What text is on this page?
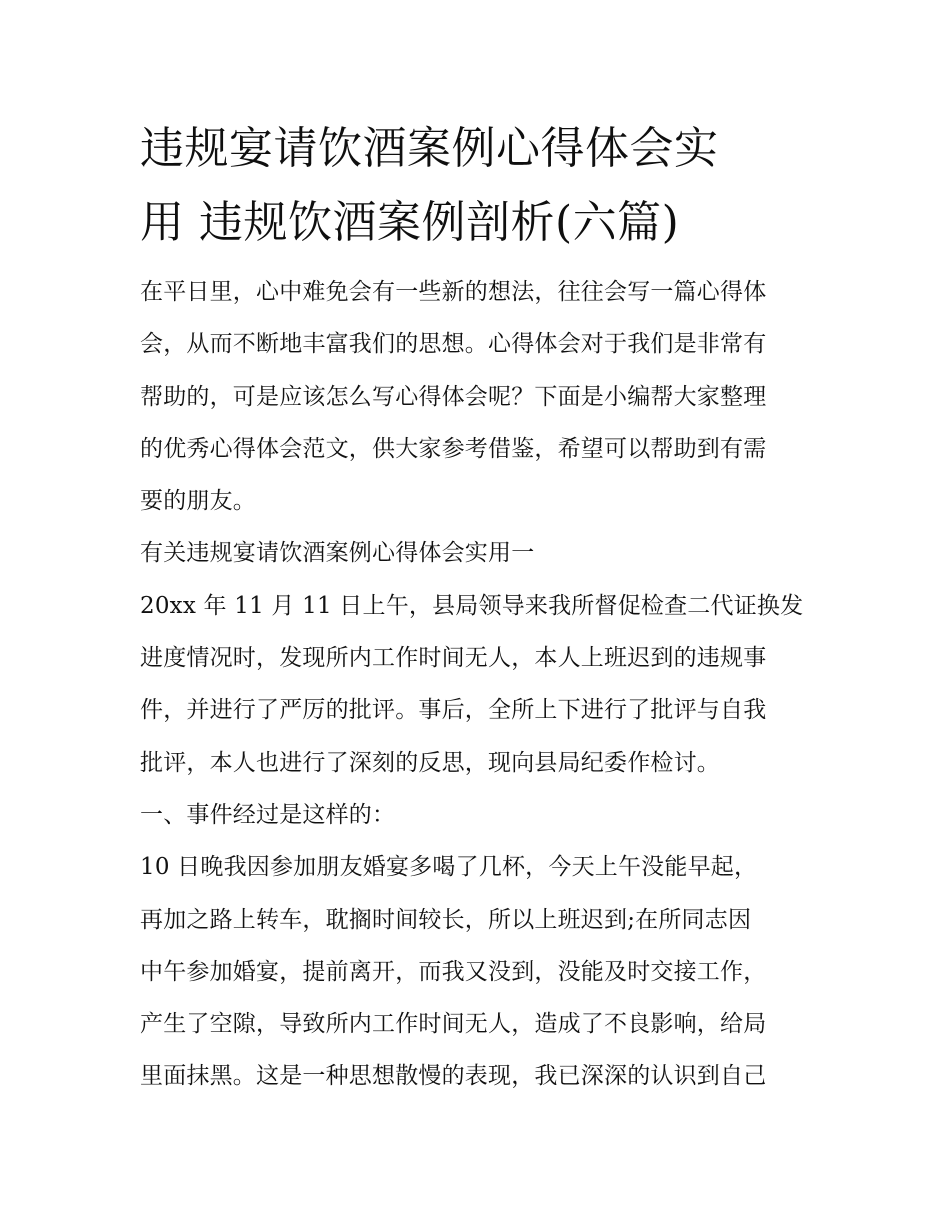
违规宴请饮酒案例心得体会实
用 违规饮酒案例剖析(六篇)
在平日里，心中难免会有一些新的想法，往往会写一篇心得体
会，从而不断地丰富我们的思想。心得体会对于我们是非常有
帮助的，可是应该怎么写心得体会呢？下面是小编帮大家整理
的优秀心得体会范文，供大家参考借鉴，希望可以帮助到有需
要的朋友。
有关违规宴请饮酒案例心得体会实用一
20xx 年 11 月 11 日上午，县局领导来我所督促检查二代证换发
进度情况时，发现所内工作时间无人，本人上班迟到的违规事
件，并进行了严厉的批评。事后，全所上下进行了批评与自我
批评，本人也进行了深刻的反思，现向县局纪委作检讨。
一、事件经过是这样的：
10 日晚我因参加朋友婚宴多喝了几杯，今天上午没能早起，
再加之路上转车，耽搁时间较长，所以上班迟到;在所同志因
中午参加婚宴，提前离开，而我又没到，没能及时交接工作，
产生了空隙，导致所内工作时间无人，造成了不良影响，给局
里面抹黑。这是一种思想散慢的表现，我已深深的认识到自己
